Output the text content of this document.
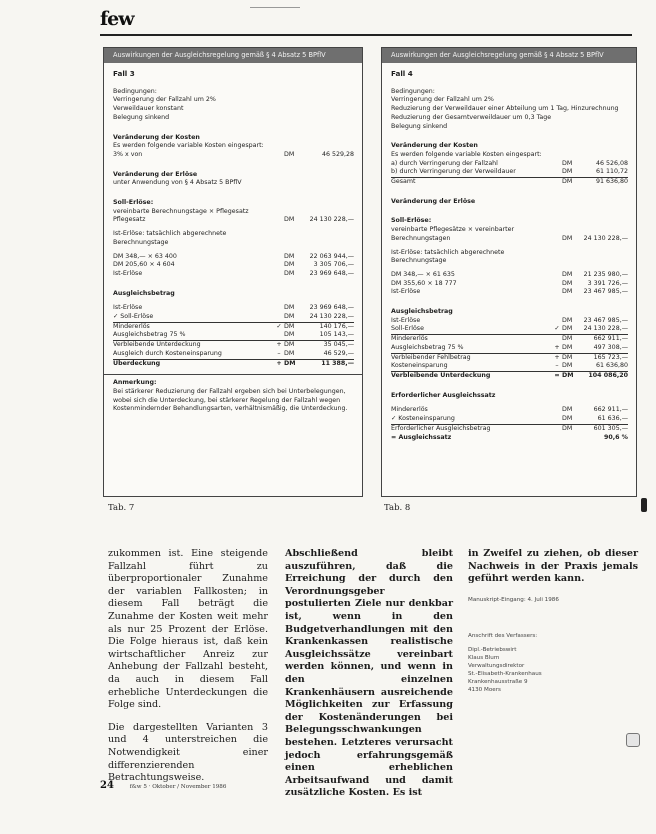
few
Auswirkungen der Ausgleichsregelung gemäß § 4 Absatz 5 BPflV
Fall 3
Bedingungen:
Verringerung der Fallzahl um 2%
Verweildauer konstant
Belegung sinkend
Veränderung der Kosten
Es werden folgende variable Kosten eingespart:
3% x von	DM	46 529,28
Veränderung der Erlöse
unter Anwendung von § 4 Absatz 5 BPflV
Soll-Erlöse:
vereinbarte Berechnungstage × Pflegesatz
Pflegesatz	DM	24 130 228,—
Ist-Erlöse: tatsächlich abgerechnete
Berechnungstage
DM 348,— × 63 400	DM	22 063 944,—
DM 205,60 × 4 604	DM	3 305 706,—
Ist-Erlöse	DM	23 969 648,—
Ausgleichsbetrag
Ist-Erlöse	DM	23 969 648,—
✓ Soll-Erlöse	DM	24 130 228,—
Mindererlös	✓ DM	140 176,—
Ausgleichsbetrag 75 %	DM	105 143,—
Verbleibende Unterdeckung	+ DM	35 045,—
Ausgleich durch Kosteneinsparung	– DM	46 529,—
Überdeckung	+ DM	11 388,—
Anmerkung:
Bei stärkerer Reduzierung der Fallzahl ergeben sich bei Unterbelegungen, wobei sich die Unterdeckung, bei stärkerer Regelung der Fallzahl wegen Kostenmindernder Behandlungsarten, verhältnismäßig, die Unterdeckung.
Auswirkungen der Ausgleichsregelung gemäß § 4 Absatz 5 BPflV
Fall 4
Bedingungen:
Verringerung der Fallzahl um 2%
Reduzierung der Verweildauer einer Abteilung um 1 Tag, Hinzurechnung
Reduzierung der Gesamtverweildauer um 0,3 Tage
Belegung sinkend
Veränderung der Kosten
Es werden folgende variable Kosten eingespart:
a) durch Verringerung der Fallzahl	DM	46 526,08
b) durch Verringerung der Verweildauer	DM	61 110,72
Gesamt	DM	91 636,80
Veränderung der Erlöse
Soll-Erlöse:
vereinbarte Pflegesätze × vereinbarter
Berechnungstagen	DM	24 130 228,—
Ist-Erlöse: tatsächlich abgerechnete
Berechnungstage
DM 348,— × 61 635	DM	21 235 980,—
DM 355,60 × 18 777	DM	3 391 726,—
Ist-Erlöse	DM	23 467 985,—
Ausgleichsbetrag
Ist-Erlöse	DM	23 467 985,—
Soll-Erlöse	✓ DM	24 130 228,—
Mindererlös	DM	662 911,—
Ausgleichsbetrag 75 %	+ DM	497 308,—
Verbleibender Fehlbetrag	+ DM	165 723,—
Kosteneinsparung	– DM	61 636,80
Verbleibende Unterdeckung	= DM	104 086,20
Erforderlicher Ausgleichssatz
Mindererlös	DM	662 911,—
✓ Kosteneinsparung	DM	61 636,—
Erforderlicher Ausgleichsbetrag	DM	601 305,—
= Ausgleichssatz	90,6 %
Tab. 7	Tab. 8

zukommen ist. Eine steigende Fallzahl führt zu überproportionaler Zunahme der variablen Fallkosten; in diesem Fall beträgt die Zunahme der Kosten weit mehr als nur 25 Prozent der Erlöse. Die Folge hieraus ist, daß kein wirtschaftlicher Anreiz zur Anhebung der Fallzahl besteht, da auch in diesem Fall erhebliche Unterdeckungen die Folge sind.

Die dargestellten Varianten 3 und 4 unterstreichen die Notwendigkeit einer differenzierenden Betrachtungsweise.

Abschließend bleibt auszuführen, daß die Erreichung der durch den Verordnungsgeber postulierten Ziele nur denkbar ist, wenn in den Budgetverhandlungen mit den Krankenkassen realistische Ausgleichssätze vereinbart werden können, und wenn in den einzelnen Krankenhäusern ausreichende Möglichkeiten zur Erfassung der Kostenänderungen bei Belegungsschwankungen bestehen. Letzteres verursacht jedoch erfahrungsgemäß einen erheblichen Arbeitsaufwand und damit zusätzliche Kosten. Es ist

in Zweifel zu ziehen, ob dieser Nachweis in der Praxis jemals geführt werden kann.

Manuskript-Eingang: 4. Juli 1986
Anschrift des Verfassers:
Dipl.-Betriebswirt
Klaus Blum
Verwaltungsdirektor
St.-Elisabeth-Krankenhaus
Krankenhausstraße 9
4130 Moers
24	f&w 5 · Oktober / November 1986
